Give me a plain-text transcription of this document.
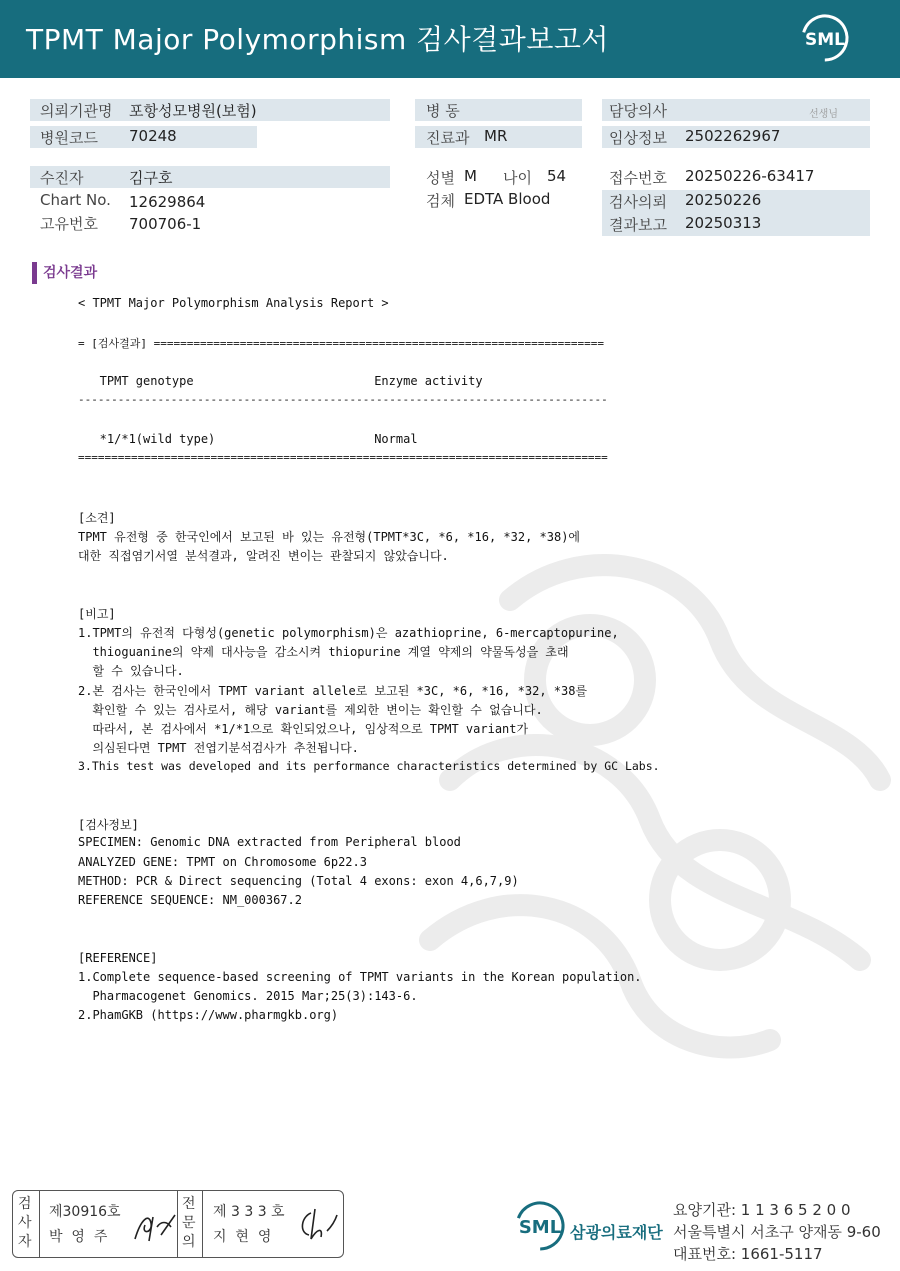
TPMT Major Polymorphism 검사결과보고서	SML
의뢰기관명 포항성모병원(보험)
병원코드 70248
병 동
진료과 MR
담당의사	선생님
임상정보 2502262967
수진자	김구호
Chart No. 12629864
고유번호 700706-1
성별 M 나이 54
검체 EDTA Blood
접수번호 20250226-63417
검사의뢰 20250226
결과보고 20250313
검사결과

< TPMT Major Polymorphism Analysis Report >

= [검사결과] ====================================================================

TPMT genotype                         Enzyme activity

--------------------------------------------------------------------------------

*1/*1(wild type)                      Normal

================================================================================

[소견]

TPMT 유전형 중 한국인에서 보고된 바 있는 유전형(TPMT*3C, *6, *16, *32, *38)에

대한 직접염기서열 분석결과, 알려진 변이는 관찰되지 않았습니다.

[비고]

1.TPMT의 유전적 다형성(genetic polymorphism)은 azathioprine, 6-mercaptopurine,

thioguanine의 약제 대사능을 감소시켜 thiopurine 계열 약제의 약물독성을 초래

할 수 있습니다.

2.본 검사는 한국인에서 TPMT variant allele로 보고된 *3C, *6, *16, *32, *38를

확인할 수 있는 검사로서, 해당 variant를 제외한 변이는 확인할 수 없습니다.

따라서, 본 검사에서 *1/*1으로 확인되었으나, 임상적으로 TPMT variant가

의심된다면 TPMT 전엽기분석검사가 추천됩니다.

3.This test was developed and its performance characteristics determined by GC Labs.

[검사정보]

SPECIMEN: Genomic DNA extracted from Peripheral blood

ANALYZED GENE: TPMT on Chromosome 6p22.3

METHOD: PCR & Direct sequencing (Total 4 exons: exon 4,6,7,9)

REFERENCE SEQUENCE: NM_000367.2

[REFERENCE]

1.Complete sequence-based screening of TPMT variants in the Korean population.

Pharmacogenet Genomics. 2015 Mar;25(3):143-6.

2.PhamGKB (https://www.pharmgkb.org)

검사자
제30916호
박  영  주
전문의
제 3 3 3 호
지  현  영	SML 삼광의료재단
요양기관: 1 1 3 6 5 2 0 0
서울특별시 서초구 양재동 9-60
대표번호: 1661-5117
